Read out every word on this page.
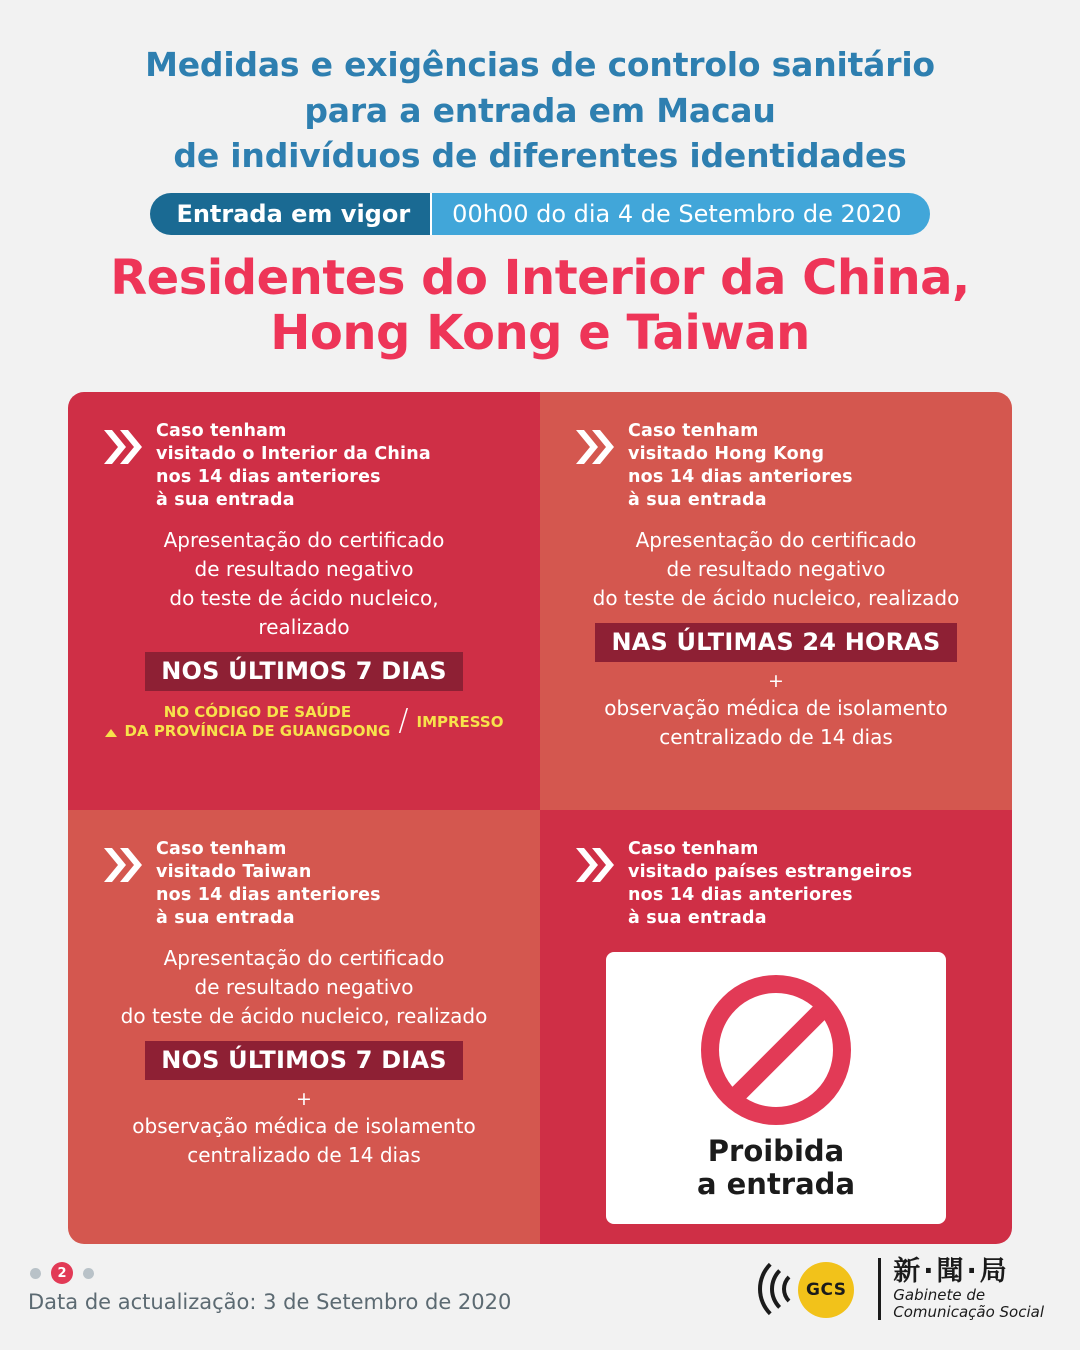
Medidas e exigências de controlo sanitário
para a entrada em Macau
de indivíduos de diferentes identidades
Entrada em vigor	00h00 do dia 4 de Setembro de 2020
Residentes do Interior da China,
Hong Kong e Taiwan
Caso tenham
visitado o Interior da China
nos 14 dias anteriores
à sua entrada
Apresentação do certificado
de resultado negativo
do teste de ácido nucleico,
realizado
NOS ÚLTIMOS 7 DIAS
NO CÓDIGO DE SAÚDE
DA PROVÍNCIA DE GUANGDONG / IMPRESSO
Caso tenham
visitado Hong Kong
nos 14 dias anteriores
à sua entrada
Apresentação do certificado
de resultado negativo
do teste de ácido nucleico, realizado
NAS ÚLTIMAS 24 HORAS
+
observação médica de isolamento
centralizado de 14 dias
Caso tenham
visitado Taiwan
nos 14 dias anteriores
à sua entrada
Apresentação do certificado
de resultado negativo
do teste de ácido nucleico, realizado
NOS ÚLTIMOS 7 DIAS
+
observação médica de isolamento
centralizado de 14 dias
Caso tenham
visitado países estrangeiros
nos 14 dias anteriores
à sua entrada
Proibida
a entrada
2
Data de actualização: 3 de Setembro de 2020	GCS
新·聞·局
Gabinete de
Comunicação Social
